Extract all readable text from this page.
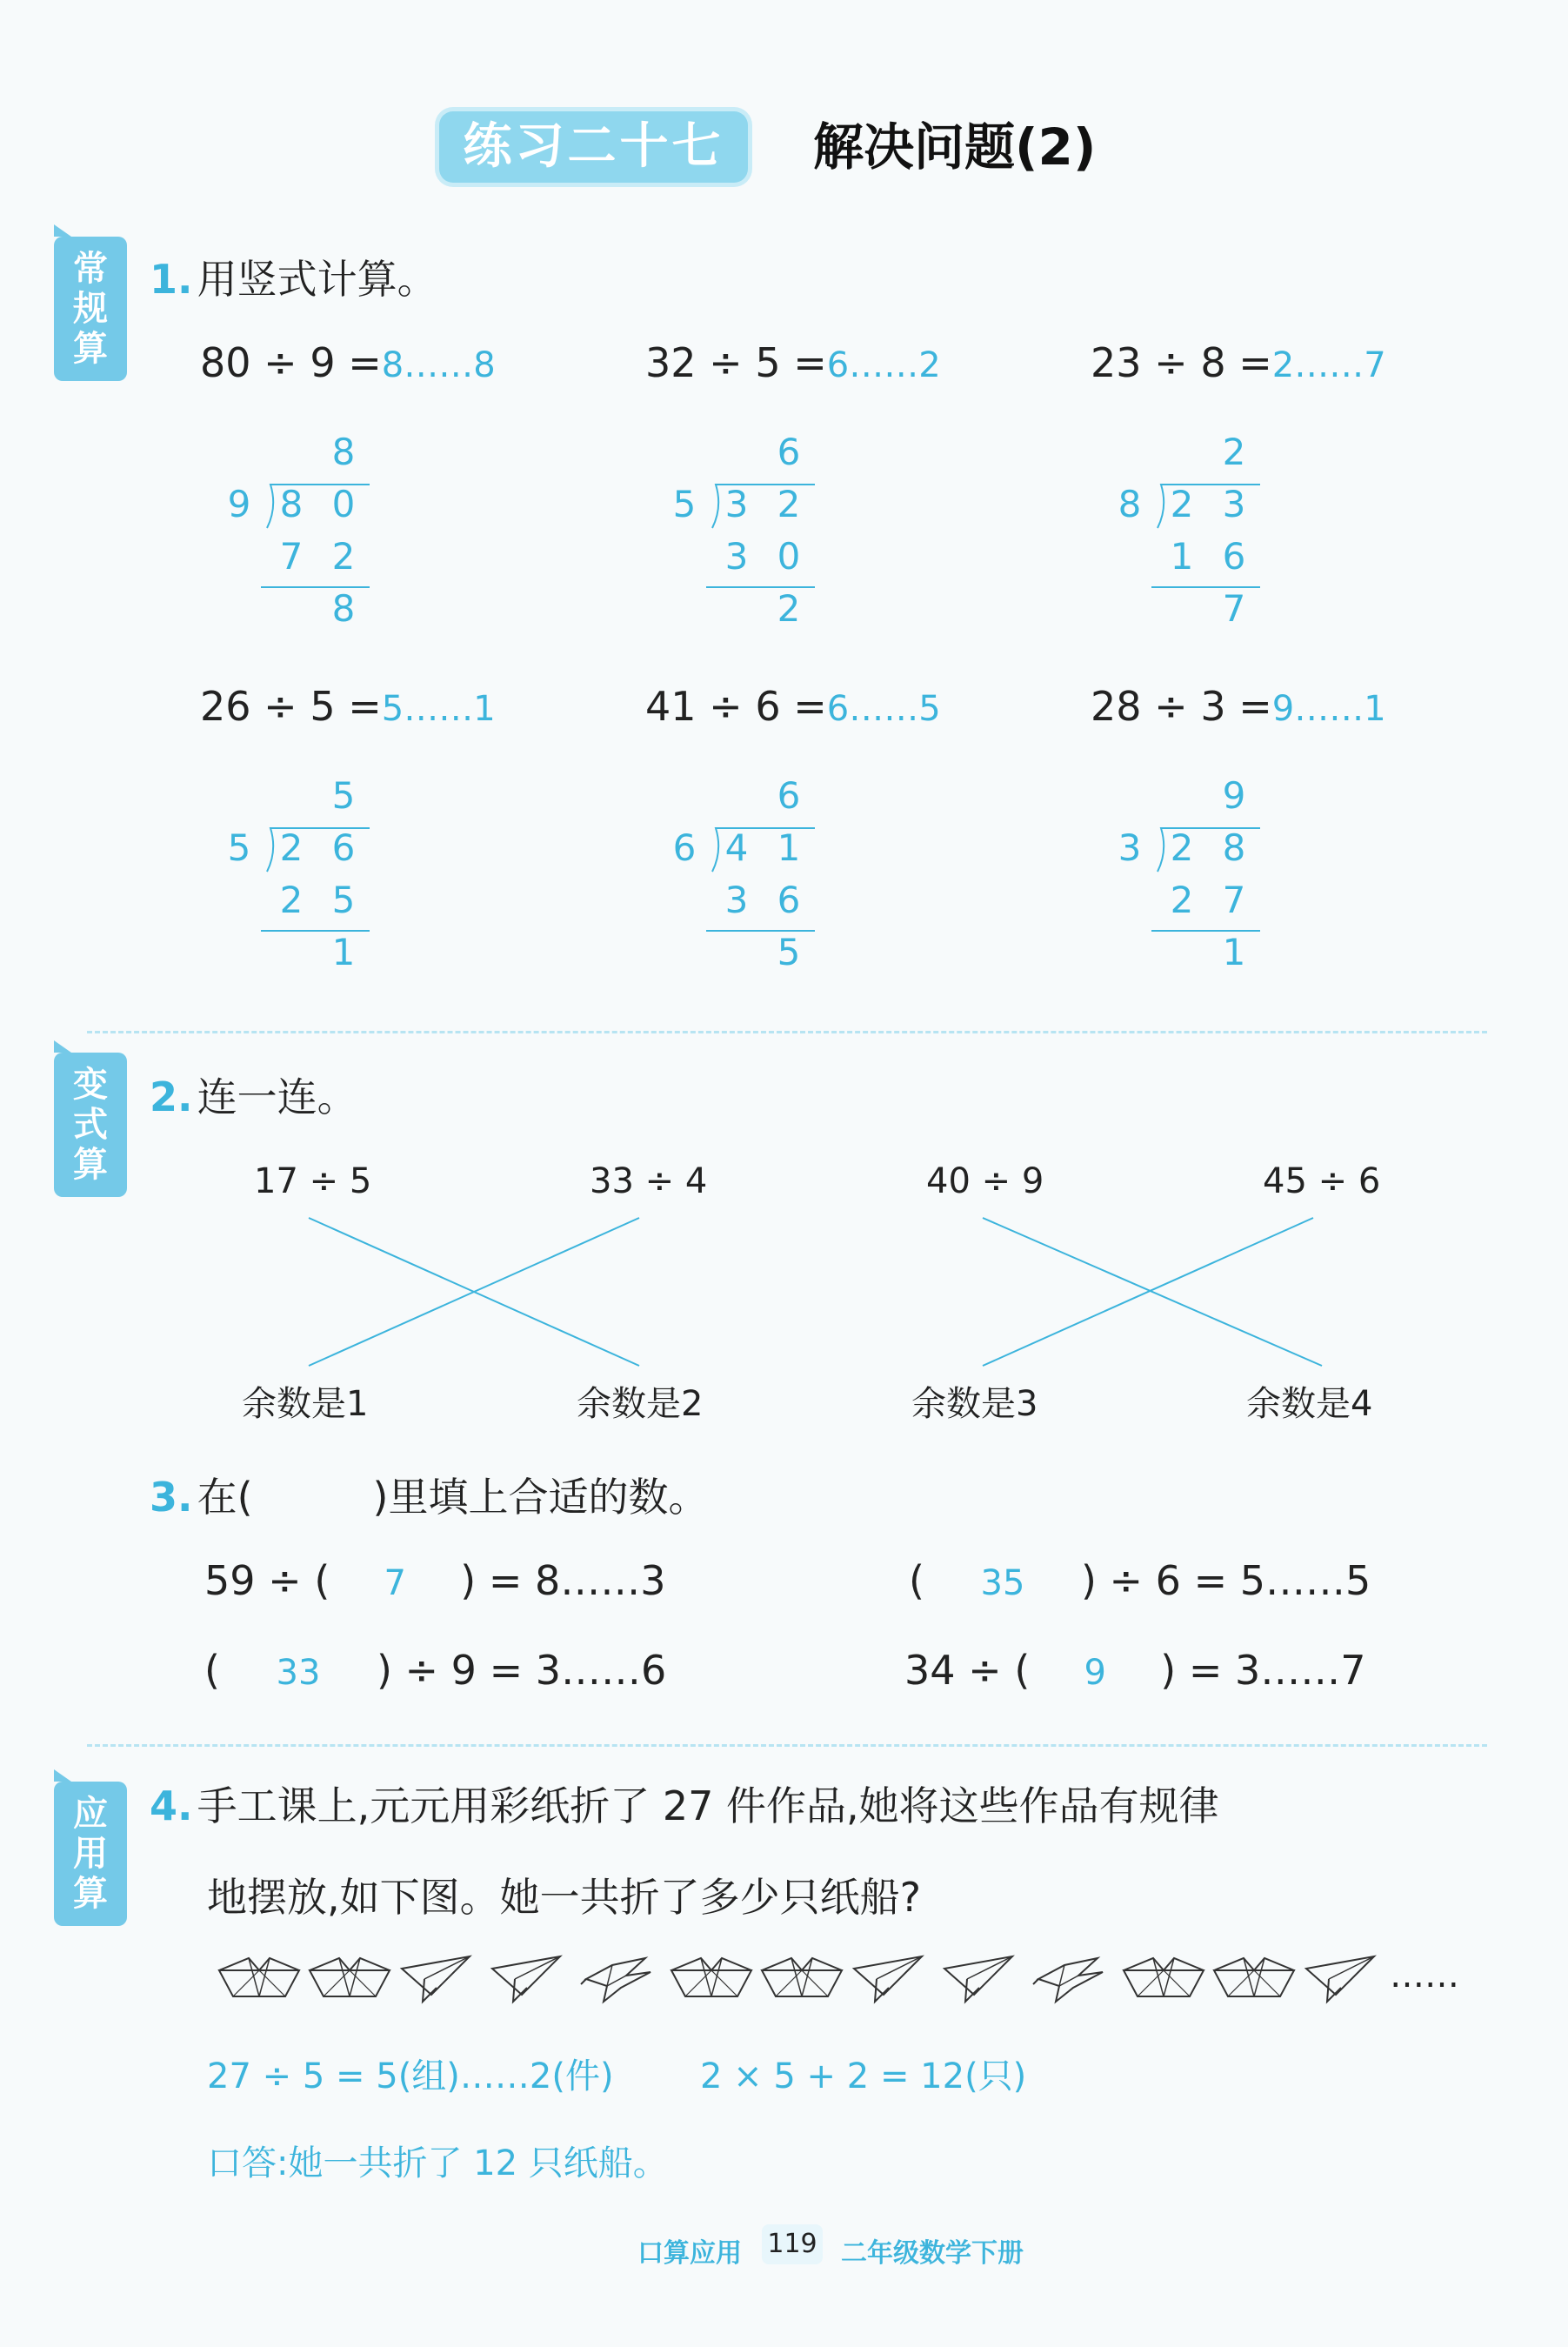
练习二十七	解决问题(2)
常
规
算
变
式
算
应
用
算
1. 用竖式计算。
80 ÷ 9 =8……8
8
9 8 0
7 2
8
32 ÷ 5 =6……2
6
5 3 2
3 0
2
23 ÷ 8 =2……7
2
8 2 3
1 6
7
26 ÷ 5 =5……1
5
5 2 6
2 5
1
41 ÷ 6 =6……5
6
6 4 1
3 6
5
28 ÷ 3 =9……1
9
3 2 8
2 7
1
2. 连一连。
17 ÷ 5	33 ÷ 4	40 ÷ 9	45 ÷ 6
余数是1	余数是2	余数是3	余数是4
3. 在(　　　)里填上合适的数。
59 ÷ ( 7 ) = 8……3	( 35 ) ÷ 6 = 5……5
( 33 ) ÷ 9 = 3……6	34 ÷ ( 9 ) = 3……7
4. 手工课上,元元用彩纸折了 27 件作品,她将这些作品有规律
地摆放,如下图。她一共折了多少只纸船?
……
27 ÷ 5 = 5(组)……2(件) 2 × 5 + 2 = 12(只)
口答:她一共折了 12 只纸船。
口算应用 119 二年级数学下册
